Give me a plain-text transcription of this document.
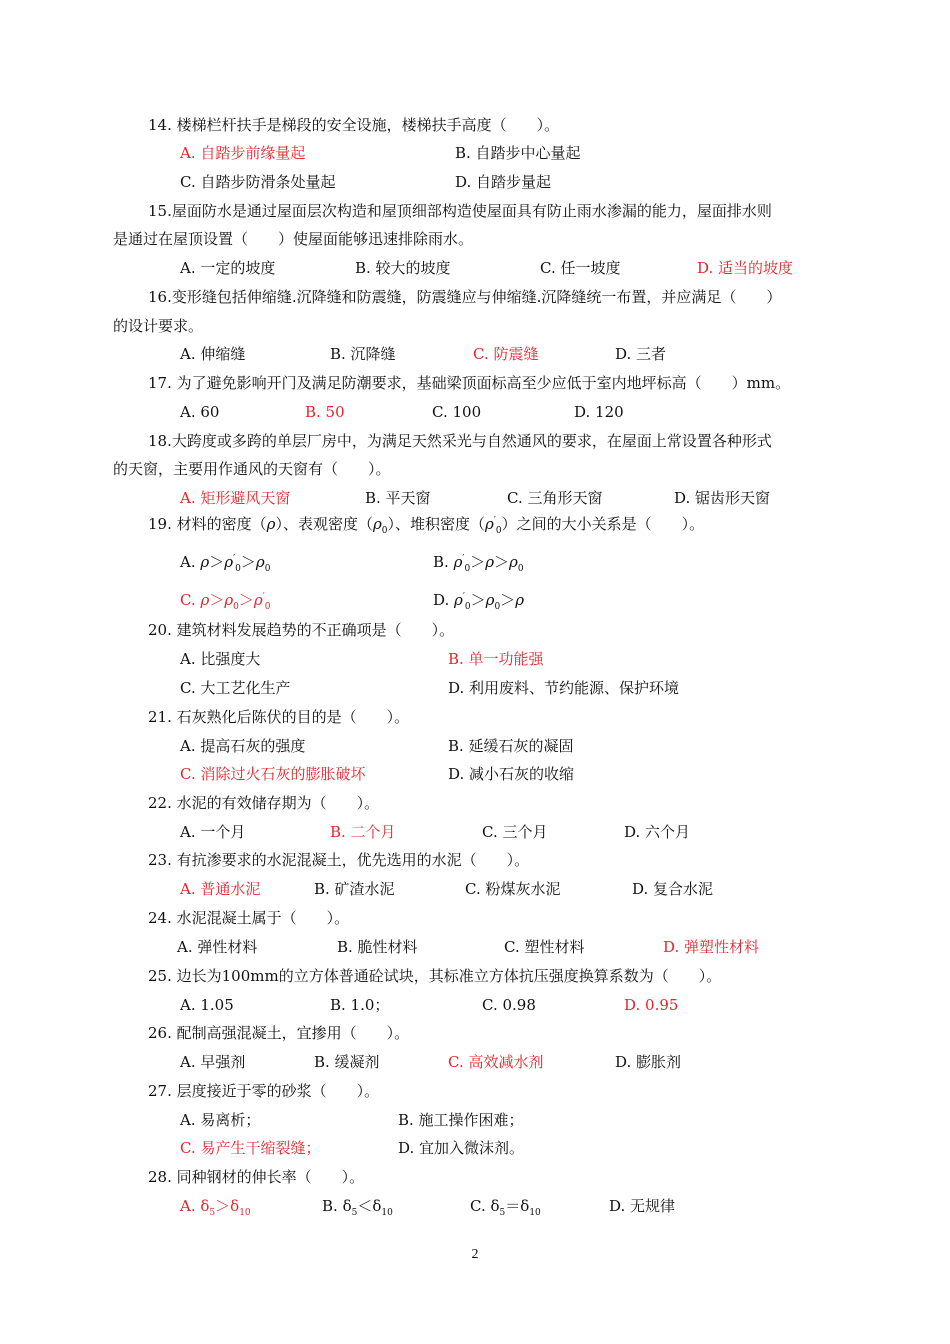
14. 楼梯栏杆扶手是梯段的安全设施，楼梯扶手高度（　　）。
A. 自踏步前缘量起	B. 自踏步中心量起
C. 自踏步防滑条处量起	D. 自踏步量起
15.屋面防水是通过屋面层次构造和屋顶细部构造使屋面具有防止雨水渗漏的能力，屋面排水则
是通过在屋顶设置（　　）使屋面能够迅速排除雨水。
A. 一定的坡度	B. 较大的坡度	C. 任一坡度	D. 适当的坡度
16.变形缝包括伸缩缝.沉降缝和防震缝，防震缝应与伸缩缝.沉降缝统一布置，并应满足（　　）
的设计要求。
A. 伸缩缝	B. 沉降缝	C. 防震缝	D. 三者
17. 为了避免影响开门及满足防潮要求，基础梁顶面标高至少应低于室内地坪标高（　　）mm。
A. 60	B. 50	C. 100	D. 120
18.大跨度或多跨的单层厂房中，为满足天然采光与自然通风的要求，在屋面上常设置各种形式
的天窗，主要用作通风的天窗有（　　）。
A. 矩形避风天窗	B. 平天窗	C. 三角形天窗	D. 锯齿形天窗
19. 材料的密度（ρ）、表观密度$(\rho_0)$、堆积密度$(\rho'_0)$之间的大小关系是（　　）。
A. $\rho>\rho'_0>\rho_0$	B. $\rho'_0>\rho>\rho_0$
C. $\rho>\rho_0>\rho'_0$	D. $\rho'_0>\rho_0>\rho$
20. 建筑材料发展趋势的不正确项是（　　）。
A. 比强度大	B. 单一功能强
C. 大工艺化生产	D. 利用废料、节约能源、保护环境
21. 石灰熟化后陈伏的目的是（　　）。
A. 提高石灰的强度	B. 延缓石灰的凝固
C. 消除过火石灰的膨胀破坏	D. 减小石灰的收缩
22. 水泥的有效储存期为（　　）。
A. 一个月	B. 二个月	C. 三个月	D. 六个月
23. 有抗渗要求的水泥混凝土，优先选用的水泥（　　）。
A. 普通水泥	B. 矿渣水泥	C. 粉煤灰水泥	D. 复合水泥
24. 水泥混凝土属于（　　）。
A. 弹性材料	B. 脆性材料	C. 塑性材料	D. 弹塑性材料
25. 边长为100mm的立方体普通砼试块，其标准立方体抗压强度换算系数为（　　）。
A. 1.05	B. 1.0；	C. 0.98	D. 0.95
26. 配制高强混凝土，宜掺用（　　）。
A. 早强剂	B. 缓凝剂	C. 高效减水剂	D. 膨胀剂
27. 层度接近于零的砂浆（　　）。
A. 易离析；	B. 施工操作困难；
C. 易产生干缩裂缝；	D. 宜加入微沫剂。
28. 同种钢材的伸长率（　　）。
A. $\delta_5>\delta_{10}$	B. $\delta_5<\delta_{10}$	C. $\delta_5=\delta_{10}$	D. 无规律
2
